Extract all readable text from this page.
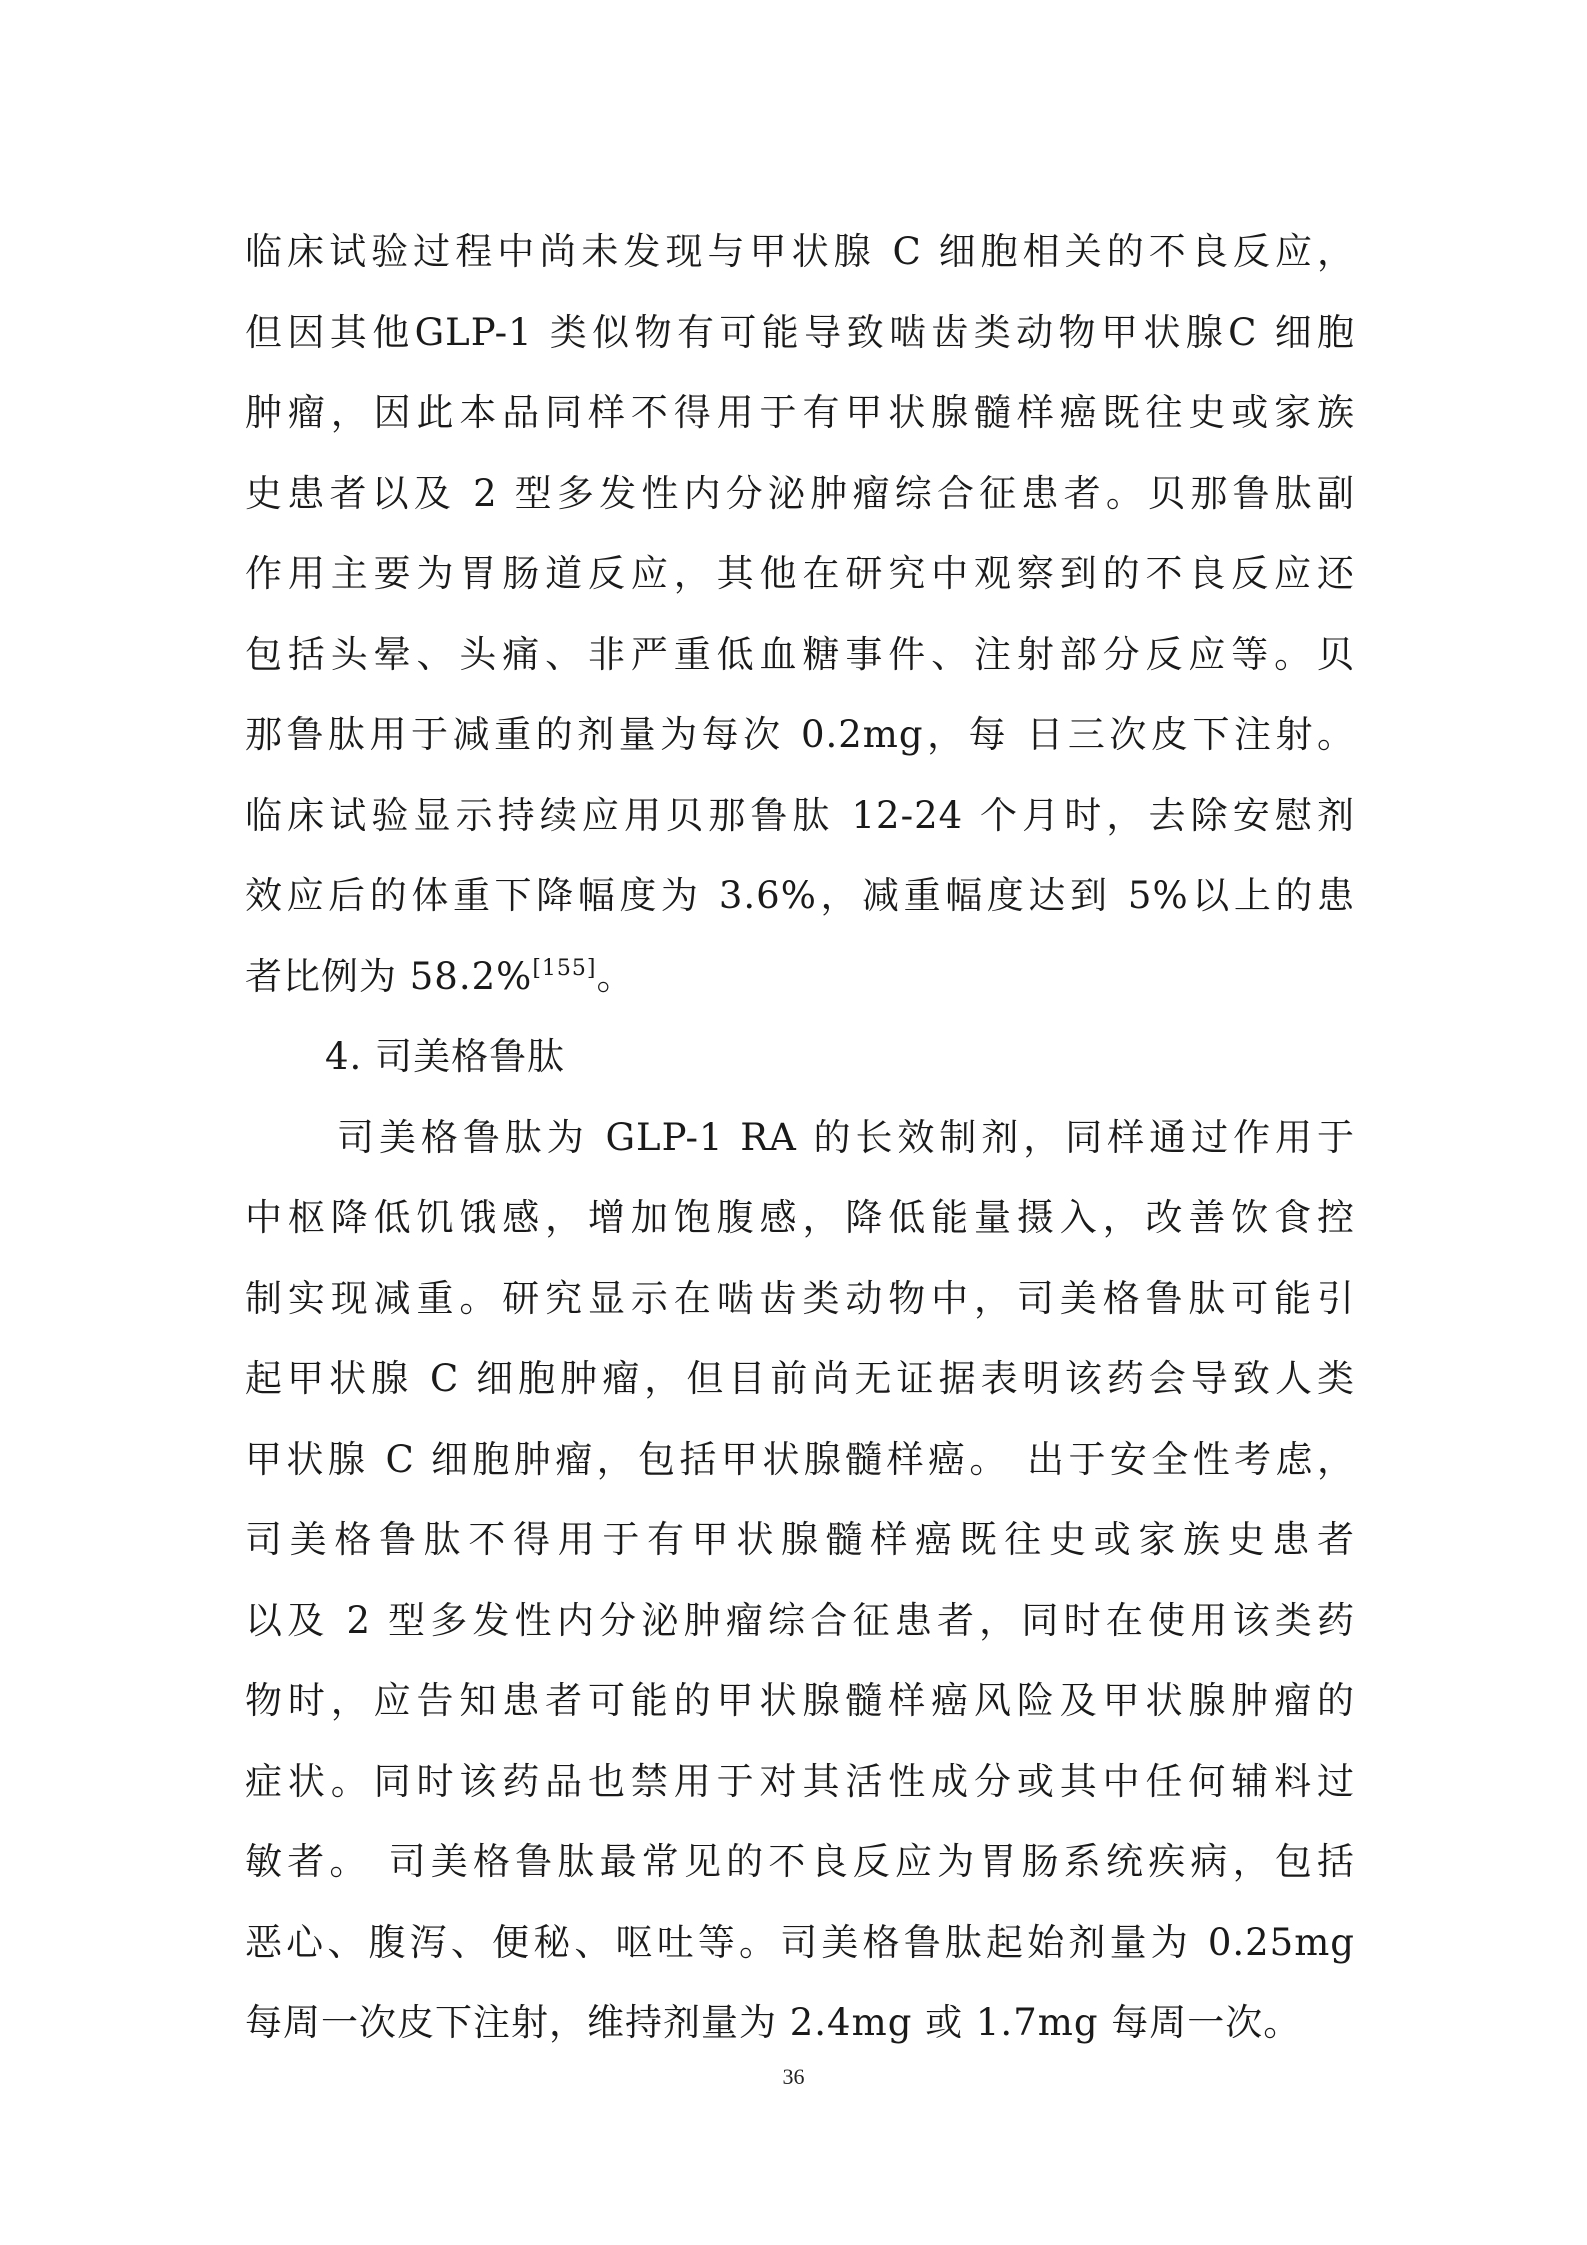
临床试验过程中尚未发现与甲状腺 C 细胞相关的不良反应，
但因其他GLP-1 类似物有可能导致啮齿类动物甲状腺C 细胞
肿瘤，因此本品同样不得用于有甲状腺髓样癌既往史或家族
史患者以及 2 型多发性内分泌肿瘤综合征患者。贝那鲁肽副
作用主要为胃肠道反应，其他在研究中观察到的不良反应还
包括头晕、头痛、非严重低血糖事件、注射部分反应等。贝
那鲁肽用于减重的剂量为每次 0.2mg，每 日三次皮下注射。
临床试验显示持续应用贝那鲁肽 12-24 个月时，去除安慰剂
效应后的体重下降幅度为 3.6%，减重幅度达到 5%以上的患
者比例为 58.2%[155]。
4. 司美格鲁肽
司美格鲁肽为 GLP-1 RA 的长效制剂，同样通过作用于
中枢降低饥饿感，增加饱腹感，降低能量摄入，改善饮食控
制实现减重。研究显示在啮齿类动物中，司美格鲁肽可能引
起甲状腺 C 细胞肿瘤，但目前尚无证据表明该药会导致人类
甲状腺 C 细胞肿瘤，包括甲状腺髓样癌。 出于安全性考虑，
司美格鲁肽不得用于有甲状腺髓样癌既往史或家族史患者
以及 2 型多发性内分泌肿瘤综合征患者，同时在使用该类药
物时，应告知患者可能的甲状腺髓样癌风险及甲状腺肿瘤的
症状。同时该药品也禁用于对其活性成分或其中任何辅料过
敏者。 司美格鲁肽最常见的不良反应为胃肠系统疾病，包括
恶心、腹泻、便秘、呕吐等。司美格鲁肽起始剂量为 0.25mg
每周一次皮下注射，维持剂量为 2.4mg 或 1.7mg 每周一次。
36
